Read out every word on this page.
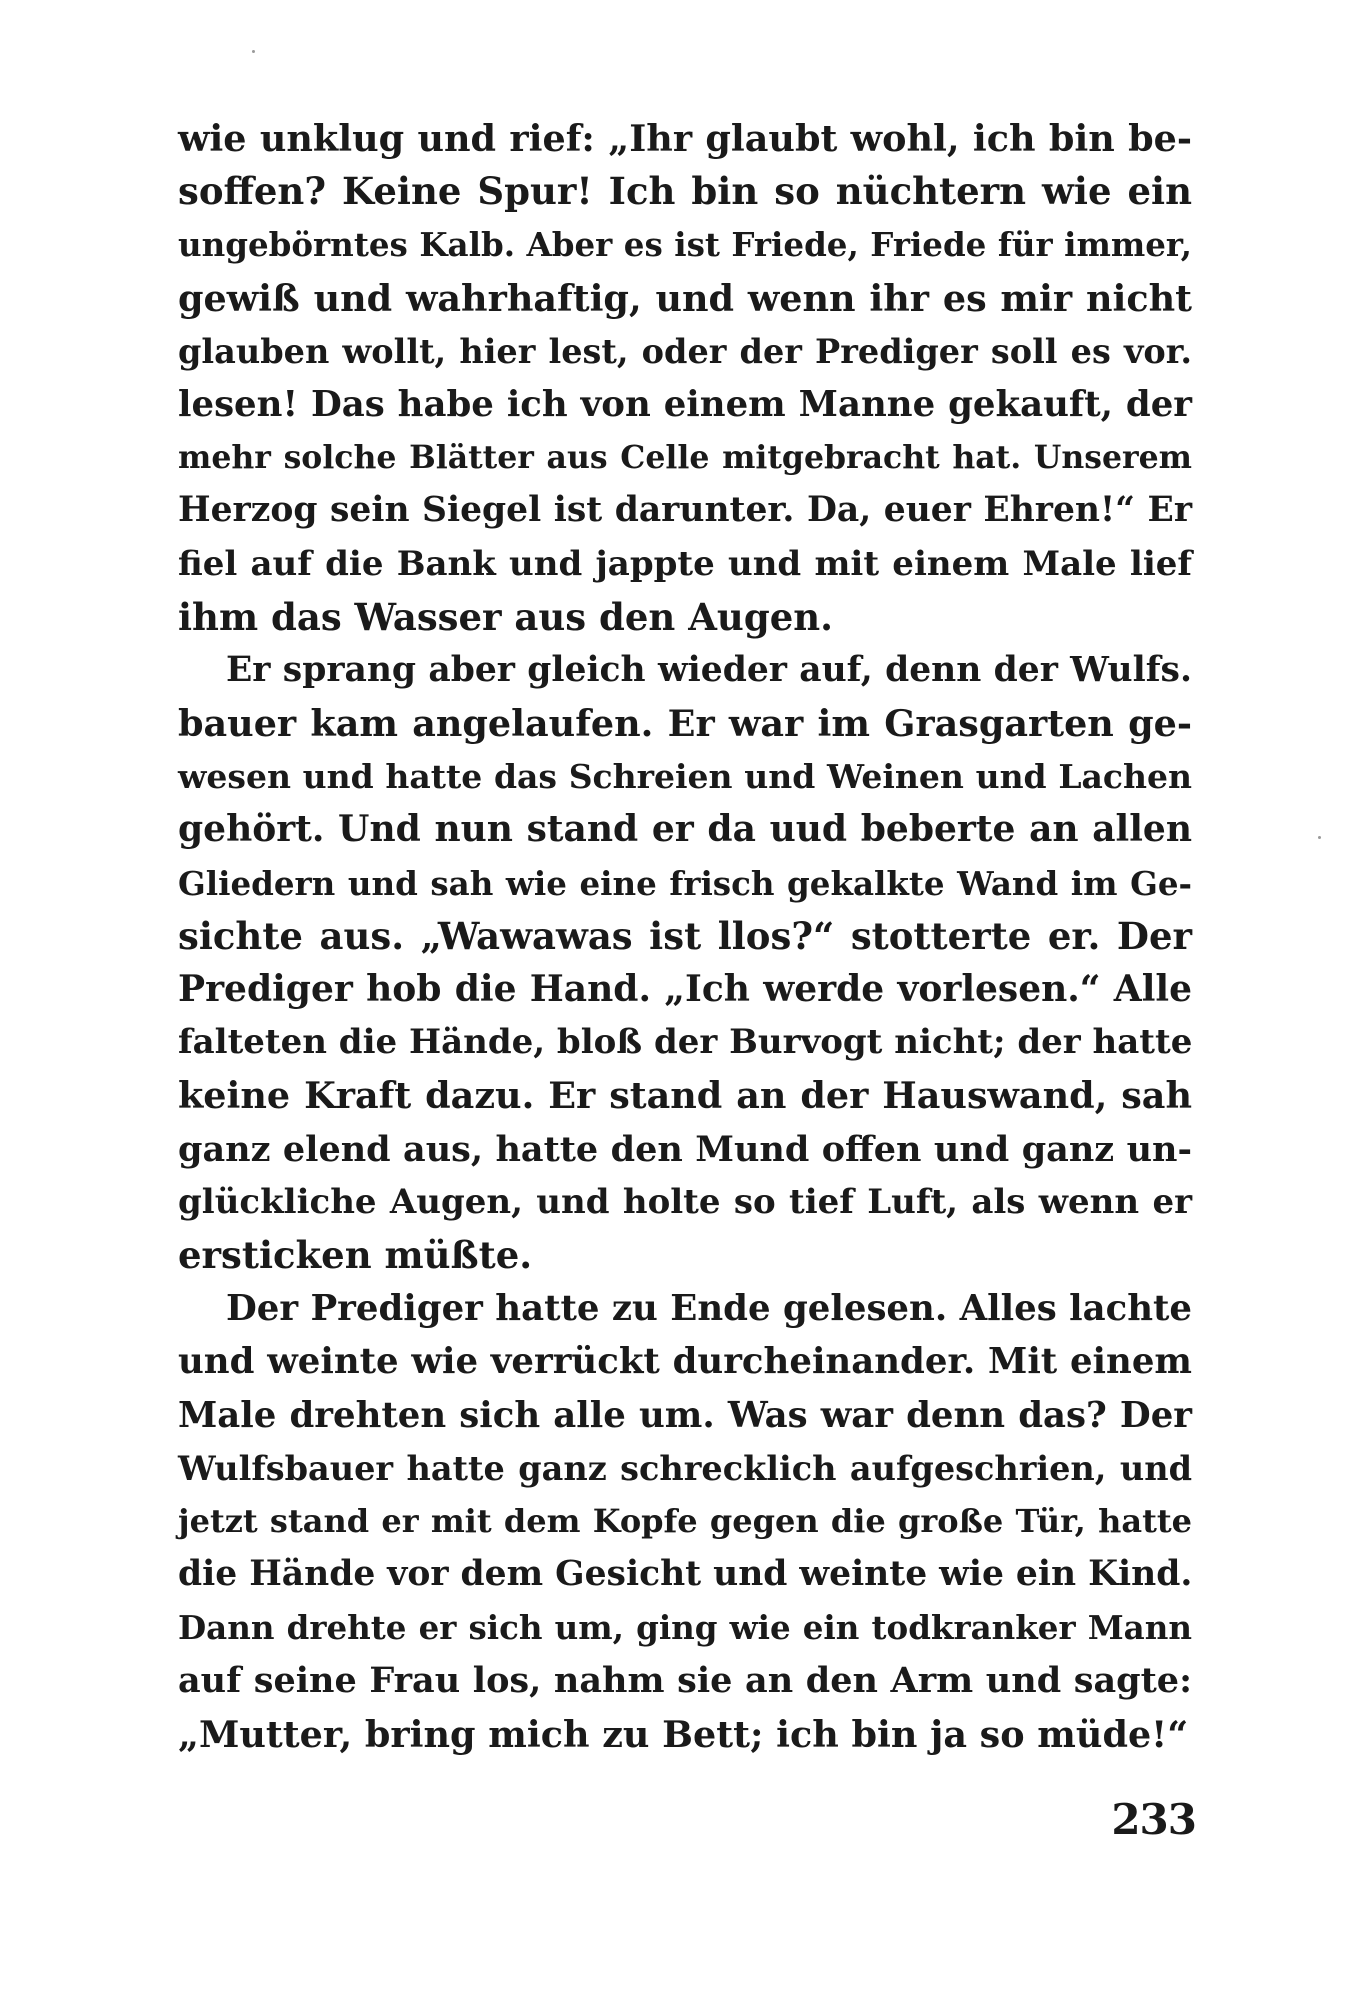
wie unklug und rief: „Ihr glaubt wohl, ich bin be-
soffen? Keine Spur! Ich bin so nüchtern wie ein
ungebörntes Kalb. Aber es ist Friede, Friede für immer,
gewiß und wahrhaftig, und wenn ihr es mir nicht
glauben wollt, hier lest, oder der Prediger soll es vor.
lesen! Das habe ich von einem Manne gekauft, der
mehr solche Blätter aus Celle mitgebracht hat. Unserem
Herzog sein Siegel ist darunter. Da, euer Ehren!“ Er
fiel auf die Bank und jappte und mit einem Male lief
ihm das Wasser aus den Augen.
Er sprang aber gleich wieder auf, denn der Wulfs.
bauer kam angelaufen. Er war im Grasgarten ge-
wesen und hatte das Schreien und Weinen und Lachen
gehört. Und nun stand er da uud beberte an allen
Gliedern und sah wie eine frisch gekalkte Wand im Ge-
sichte aus. „Wawawas ist llos?“ stotterte er. Der
Prediger hob die Hand. „Ich werde vorlesen.“ Alle
falteten die Hände, bloß der Burvogt nicht; der hatte
keine Kraft dazu. Er stand an der Hauswand, sah
ganz elend aus, hatte den Mund offen und ganz un-
glückliche Augen, und holte so tief Luft, als wenn er
ersticken müßte.
Der Prediger hatte zu Ende gelesen. Alles lachte
und weinte wie verrückt durcheinander. Mit einem
Male drehten sich alle um. Was war denn das? Der
Wulfsbauer hatte ganz schrecklich aufgeschrien, und
jetzt stand er mit dem Kopfe gegen die große Tür, hatte
die Hände vor dem Gesicht und weinte wie ein Kind.
Dann drehte er sich um, ging wie ein todkranker Mann
auf seine Frau los, nahm sie an den Arm und sagte:
„Mutter, bring mich zu Bett; ich bin ja so müde!“
233
